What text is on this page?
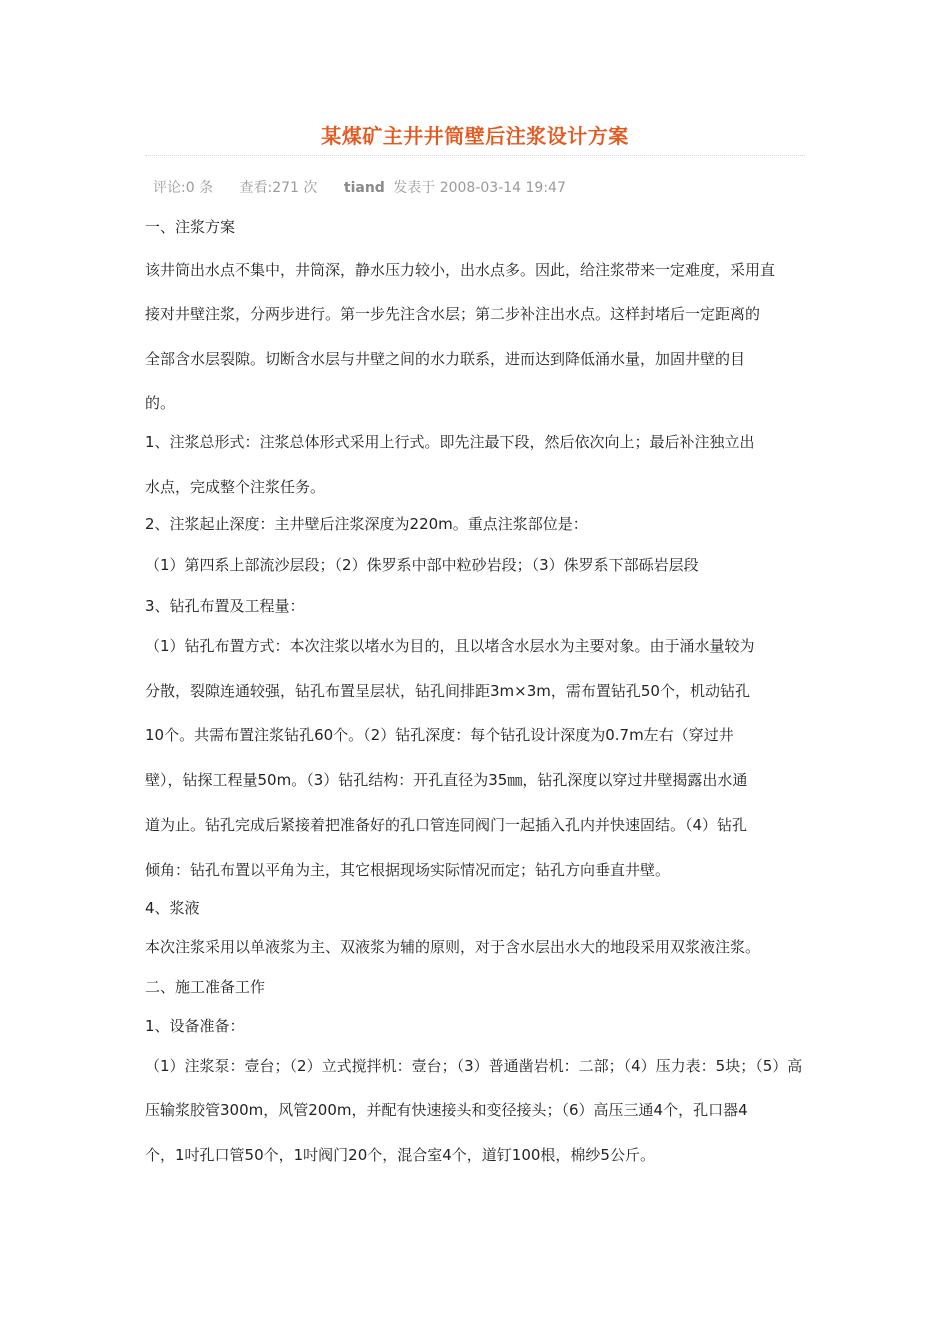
某煤矿主井井筒壁后注浆设计方案
评论:0 条 查看:271 次 tiand 发表于 2008-03-14 19:47
一、注浆方案
该井筒出水点不集中，井筒深，静水压力较小，出水点多。因此，给注浆带来一定难度，采用直
接对井壁注浆，分两步进行。第一步先注含水层；第二步补注出水点。这样封堵后一定距离的
全部含水层裂隙。切断含水层与井壁之间的水力联系，进而达到降低涌水量，加固井壁的目
的。
1、注浆总形式：注浆总体形式采用上行式。即先注最下段，然后依次向上；最后补注独立出
水点，完成整个注浆任务。
2、注浆起止深度：主井壁后注浆深度为220m。重点注浆部位是：
（1）第四系上部流沙层段；（2）侏罗系中部中粒砂岩段；（3）侏罗系下部砾岩层段
3、钻孔布置及工程量：
（1）钻孔布置方式：本次注浆以堵水为目的，且以堵含水层水为主要对象。由于涌水量较为
分散，裂隙连通较强，钻孔布置呈层状，钻孔间排距3m×3m，需布置钻孔50个，机动钻孔
10个。共需布置注浆钻孔60个。（2）钻孔深度：每个钻孔设计深度为0.7m左右（穿过井
壁），钻探工程量50m。（3）钻孔结构：开孔直径为35㎜，钻孔深度以穿过井壁揭露出水通
道为止。钻孔完成后紧接着把准备好的孔口管连同阀门一起插入孔内并快速固结。（4）钻孔
倾角：钻孔布置以平角为主，其它根据现场实际情况而定；钻孔方向垂直井壁。
4、浆液
本次注浆采用以单液浆为主、双液浆为辅的原则，对于含水层出水大的地段采用双浆液注浆。
二、施工准备工作
1、设备准备：
（1）注浆泵：壹台；（2）立式搅拌机：壹台；（3）普通凿岩机：二部；（4）压力表：5块；（5）高
压输浆胶管300m，风管200m，并配有快速接头和变径接头；（6）高压三通4个，孔口器4
个，1吋孔口管50个，1吋阀门20个，混合室4个，道钉100根，棉纱5公斤。
